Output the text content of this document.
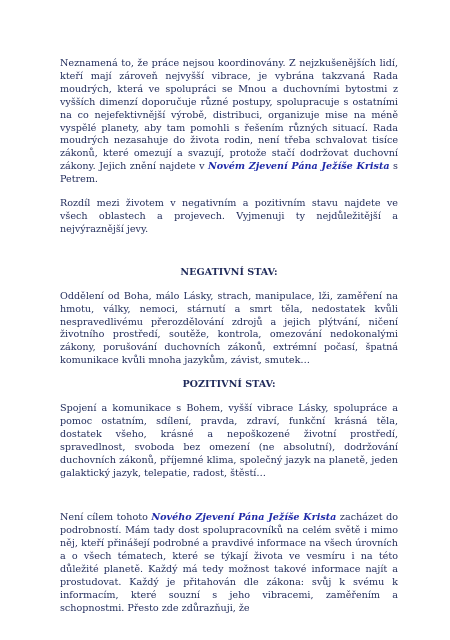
Neznamená to, že práce nejsou koordinovány. Z nejzkušenějších lidí, kteří mají zároveň nejvyšší vibrace, je vybrána takzvaná Rada moudrých, která ve spolupráci se Mnou a duchovními bytostmi z vyšších dimenzí doporučuje různé postupy, spolupracuje s ostatními na co nejefektivnější výrobě, distribuci, organizuje mise na méně vyspělé planety, aby tam pomohli s řešením různých situací. Rada moudrých nezasahuje do života rodin, není třeba schvalovat tisíce zákonů, které omezují a svazují, protože stačí dodržovat duchovní zákony. Jejich znění najdete v Novém Zjevení Pána Ježíše Krista s Petrem.

Rozdíl mezi životem v negativním a pozitivním stavu najdete ve všech oblastech a projevech. Vyjmenuji ty nejdůležitější a nejvýraznější jevy.

NEGATIVNÍ STAV:

Oddělení od Boha, málo Lásky, strach, manipulace, lži, zaměření na hmotu, války, nemoci, stárnutí a smrt těla, nedostatek kvůli nespravedlivému přerozdělování zdrojů a jejich plýtvání, ničení životního prostředí, soutěže, kontrola, omezování nedokonalými zákony, porušování duchovních zákonů, extrémní počasí, špatná komunikace kvůli mnoha jazykům, závist, smutek…

POZITIVNÍ STAV:

Spojení a komunikace s Bohem, vyšší vibrace Lásky, spolupráce a pomoc ostatním, sdílení, pravda, zdraví, funkční krásná těla, dostatek všeho, krásné a nepoškozené životní prostředí, spravedlnost, svoboda bez omezení (ne absolutní), dodržování duchovních zákonů, příjemné klima, společný jazyk na planetě, jeden galaktický jazyk, telepatie, radost, štěstí…

Není cílem tohoto Nového Zjevení Pána Ježíše Krista zacházet do podrobností. Mám tady dost spolupracovníků na celém světě i mimo něj, kteří přinášejí podrobné a pravdivé informace na všech úrovních a o všech tématech, které se týkají života ve vesmíru i na této důležité planetě. Každý má tedy možnost takové informace najít a prostudovat. Každý je přitahován dle zákona: svůj k svému k informacím, které souzní s jeho vibracemi, zaměřením a schopnostmi. Přesto zde zdůrazňuji, že
